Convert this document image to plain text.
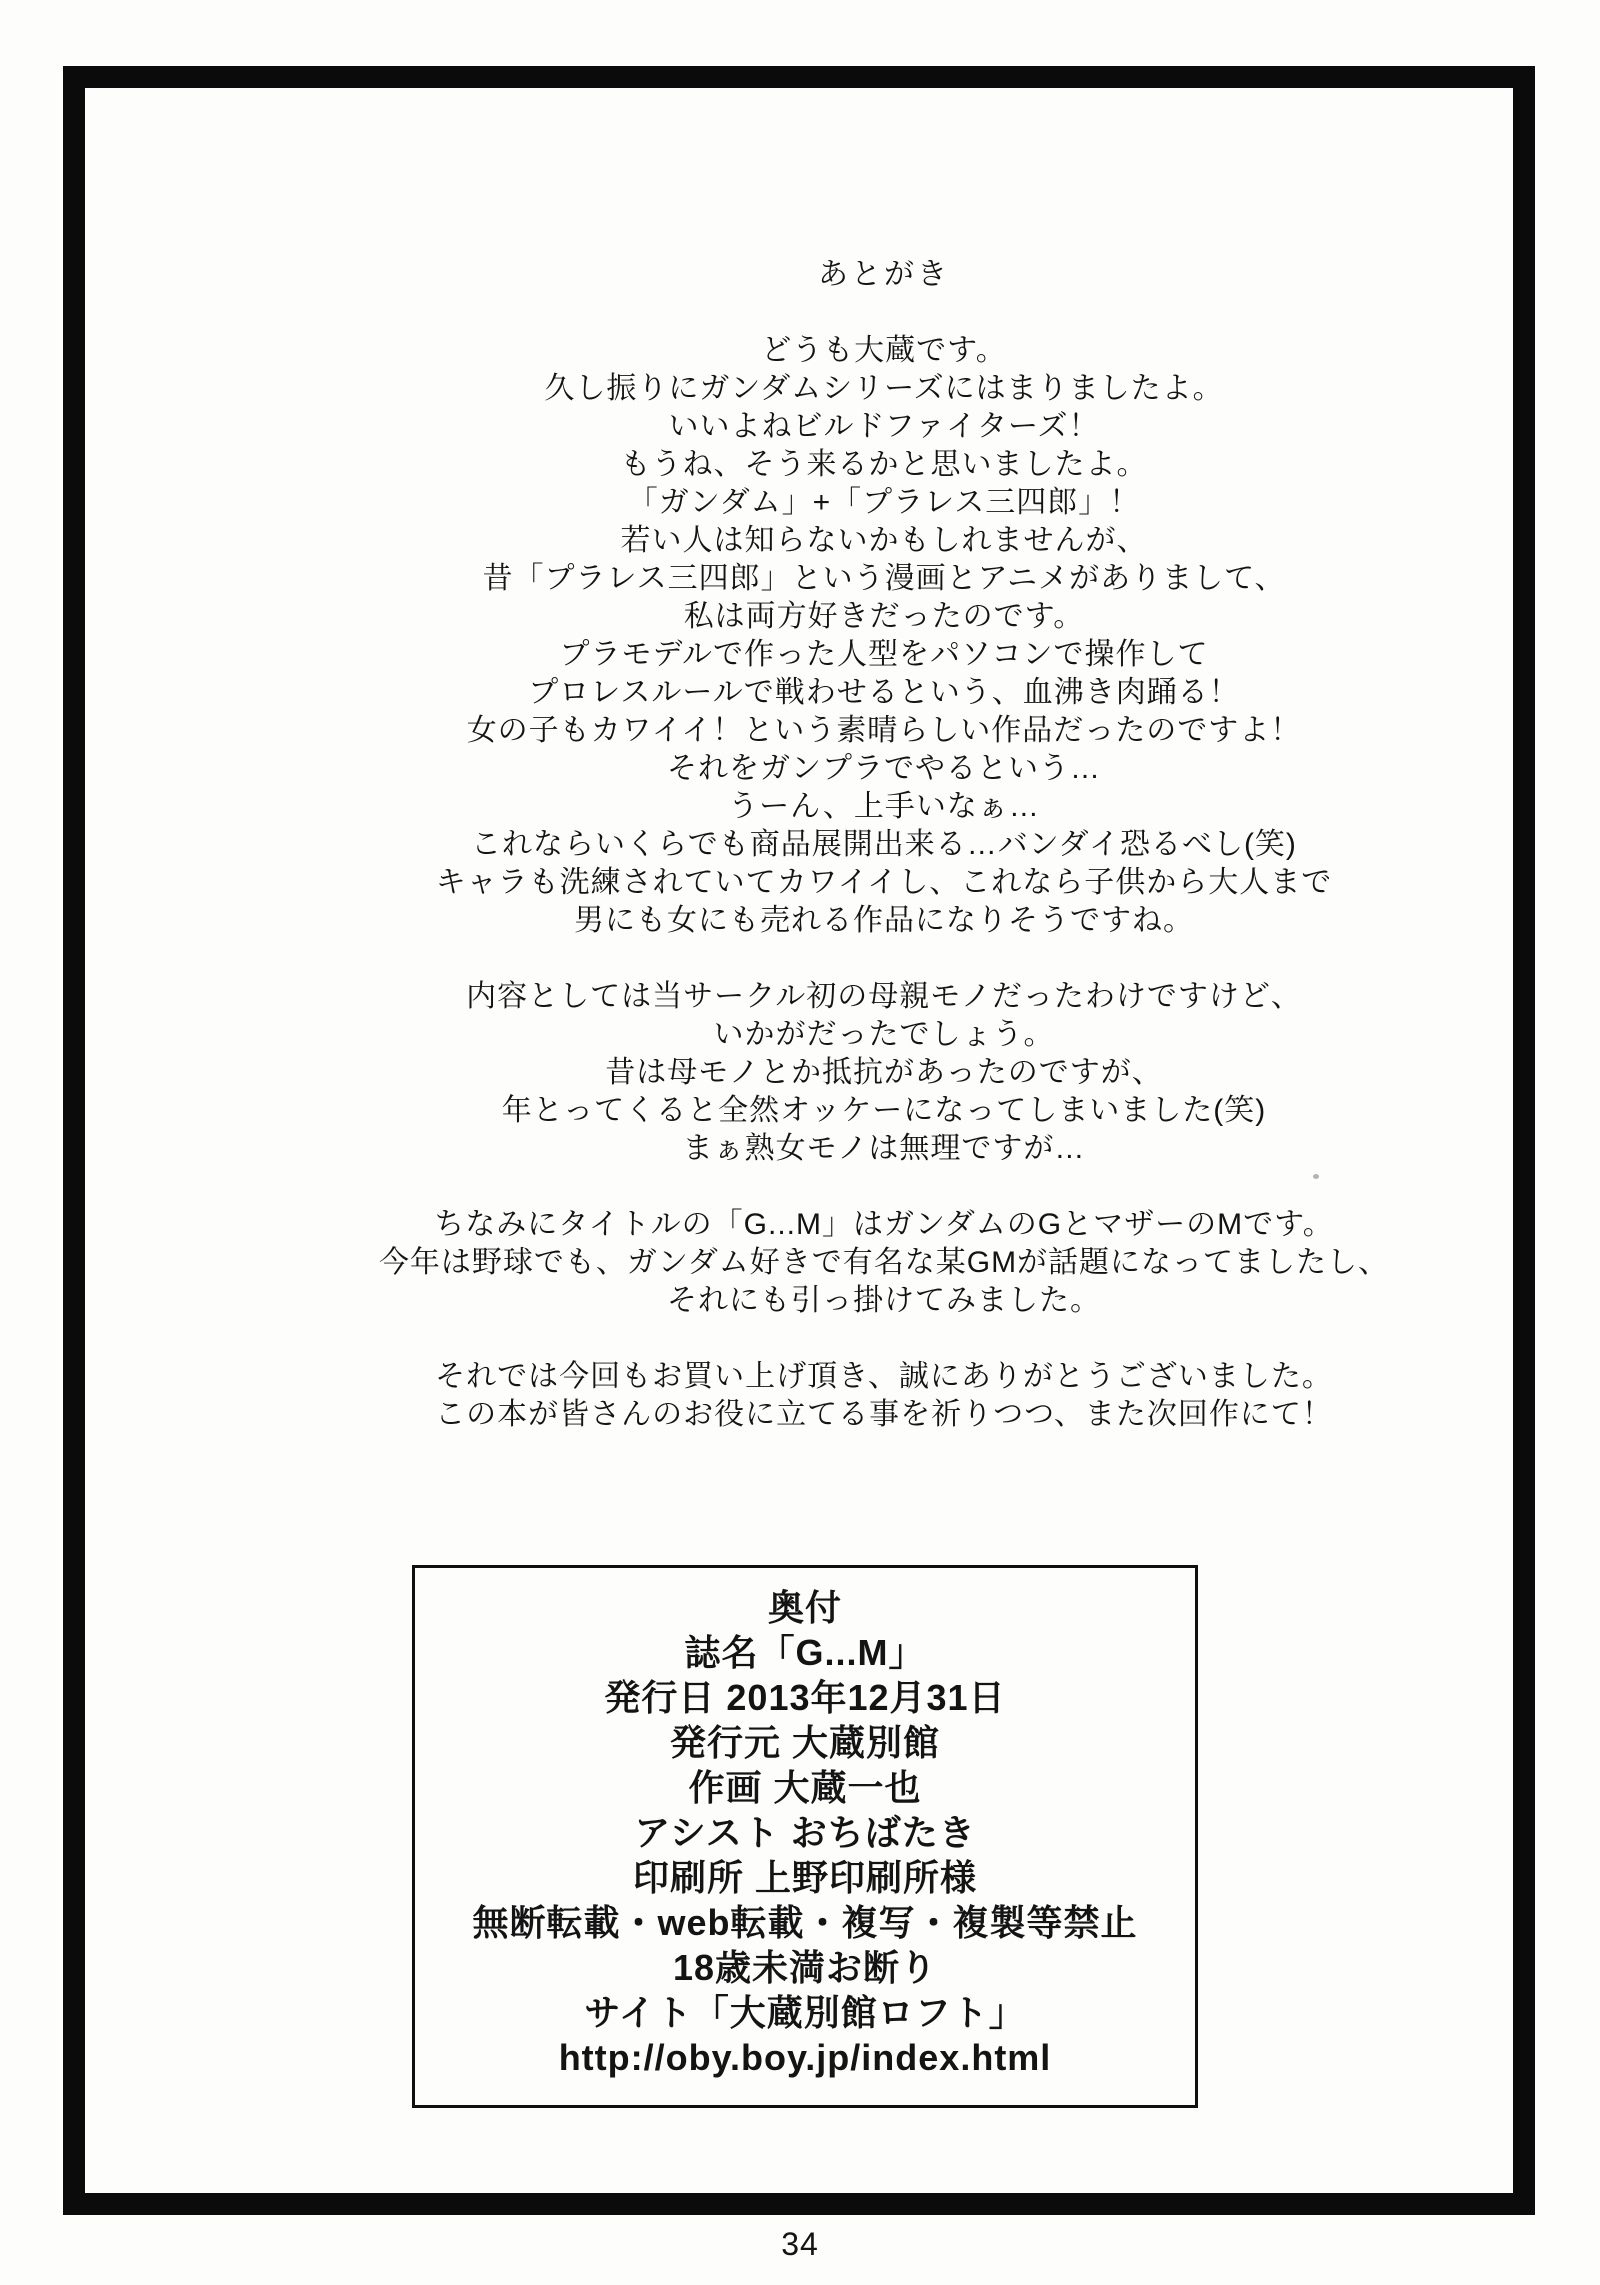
あとがき
どうも大蔵です。
久し振りにガンダムシリーズにはまりましたよ。
いいよねビルドファイターズ！
もうね、そう来るかと思いましたよ。
「ガンダム」+「プラレス三四郎」！
若い人は知らないかもしれませんが、
昔「プラレス三四郎」という漫画とアニメがありまして、
私は両方好きだったのです。
プラモデルで作った人型をパソコンで操作して
プロレスルールで戦わせるという、血沸き肉踊る！
女の子もカワイイ！という素晴らしい作品だったのですよ！
それをガンプラでやるという…
うーん、上手いなぁ…
これならいくらでも商品展開出来る…バンダイ恐るべし(笑)
キャラも洗練されていてカワイイし、これなら子供から大人まで
男にも女にも売れる作品になりそうですね。
内容としては当サークル初の母親モノだったわけですけど、
いかがだったでしょう。
昔は母モノとか抵抗があったのですが、
年とってくると全然オッケーになってしまいました(笑)
まぁ熟女モノは無理ですが…
ちなみにタイトルの「G...M」はガンダムのGとマザーのMです。
今年は野球でも、ガンダム好きで有名な某GMが話題になってましたし、
それにも引っ掛けてみました。
それでは今回もお買い上げ頂き、誠にありがとうございました。
この本が皆さんのお役に立てる事を祈りつつ、また次回作にて！
奥付
誌名「G...M」
発行日 2013年12月31日
発行元 大蔵別館
作画 大蔵一也
アシスト おちばたき
印刷所 上野印刷所様
無断転載・web転載・複写・複製等禁止
18歳未満お断り
サイト「大蔵別館ロフト」
http://oby.boy.jp/index.html
34
